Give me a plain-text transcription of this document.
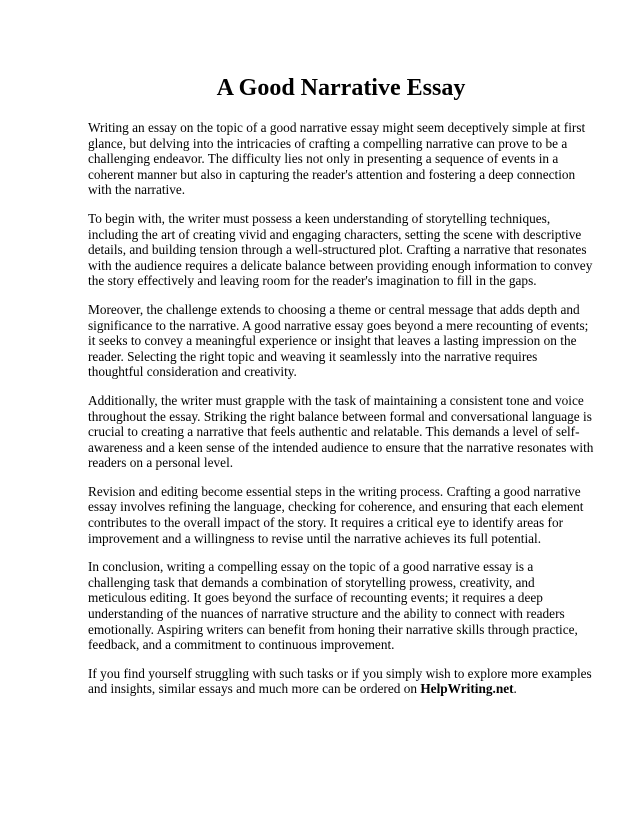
A Good Narrative Essay

Writing an essay on the topic of a good narrative essay might seem deceptively simple at first glance, but delving into the intricacies of crafting a compelling narrative can prove to be a challenging endeavor. The difficulty lies not only in presenting a sequence of events in a coherent manner but also in capturing the reader's attention and fostering a deep connection with the narrative.

To begin with, the writer must possess a keen understanding of storytelling techniques, including the art of creating vivid and engaging characters, setting the scene with descriptive details, and building tension through a well-structured plot. Crafting a narrative that resonates with the audience requires a delicate balance between providing enough information to convey the story effectively and leaving room for the reader's imagination to fill in the gaps.

Moreover, the challenge extends to choosing a theme or central message that adds depth and significance to the narrative. A good narrative essay goes beyond a mere recounting of events; it seeks to convey a meaningful experience or insight that leaves a lasting impression on the reader. Selecting the right topic and weaving it seamlessly into the narrative requires thoughtful consideration and creativity.

Additionally, the writer must grapple with the task of maintaining a consistent tone and voice throughout the essay. Striking the right balance between formal and conversational language is crucial to creating a narrative that feels authentic and relatable. This demands a level of self-awareness and a keen sense of the intended audience to ensure that the narrative resonates with readers on a personal level.

Revision and editing become essential steps in the writing process. Crafting a good narrative essay involves refining the language, checking for coherence, and ensuring that each element contributes to the overall impact of the story. It requires a critical eye to identify areas for improvement and a willingness to revise until the narrative achieves its full potential.

In conclusion, writing a compelling essay on the topic of a good narrative essay is a challenging task that demands a combination of storytelling prowess, creativity, and meticulous editing. It goes beyond the surface of recounting events; it requires a deep understanding of the nuances of narrative structure and the ability to connect with readers emotionally. Aspiring writers can benefit from honing their narrative skills through practice, feedback, and a commitment to continuous improvement.

If you find yourself struggling with such tasks or if you simply wish to explore more examples and insights, similar essays and much more can be ordered on HelpWriting.net.
